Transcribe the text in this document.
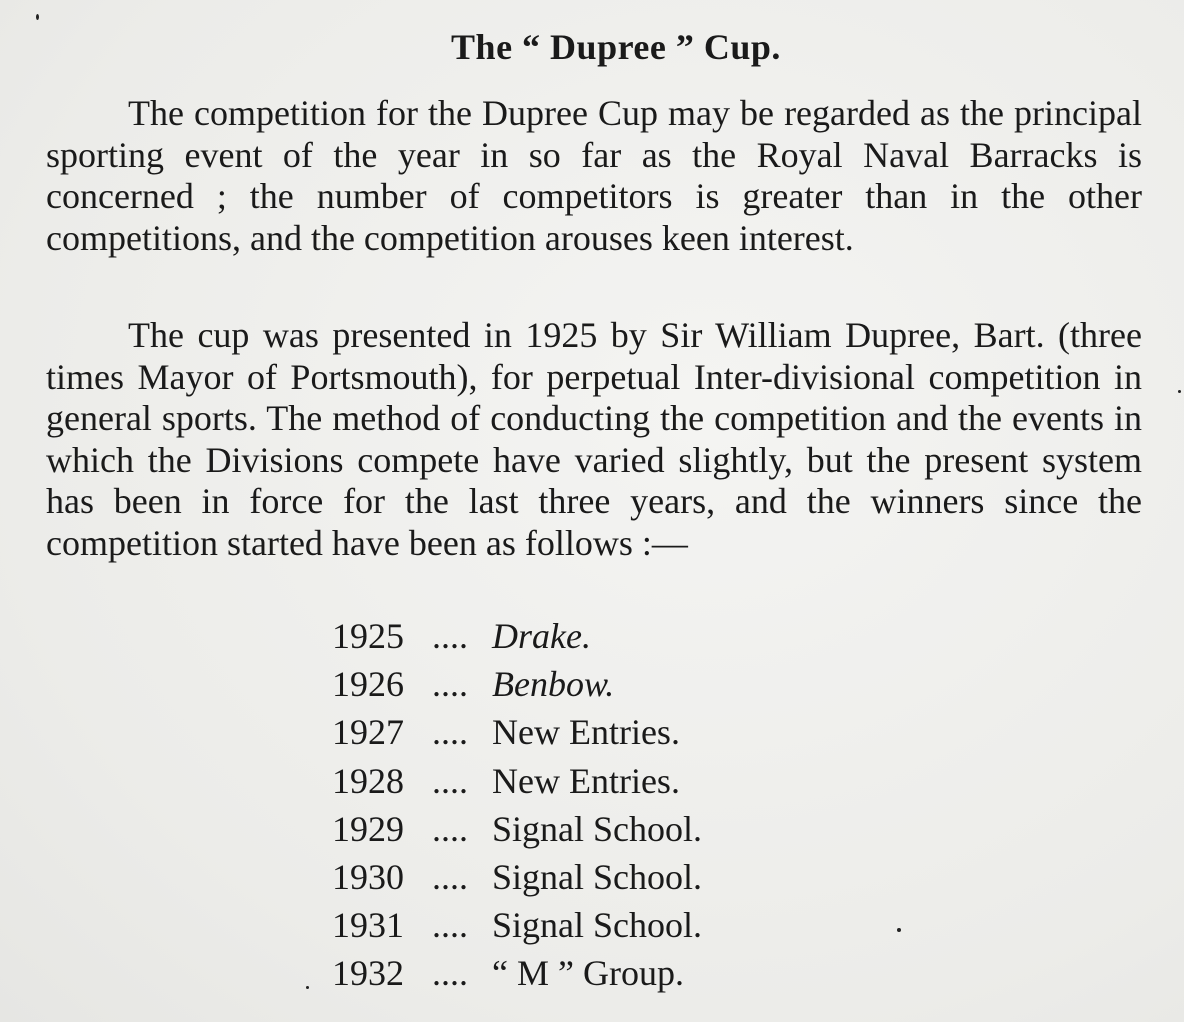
The “ Dupree ” Cup.

The competition for the Dupree Cup may be regarded as the principal sporting event of the year in so far as the Royal Naval Barracks is concerned ; the number of competitors is greater than in the other competitions, and the competition arouses keen interest.

The cup was presented in 1925 by Sir William Dupree, Bart. (three times Mayor of Portsmouth), for perpetual Inter-divisional competition in general sports. The method of conducting the competition and the events in which the Divisions compete have varied slightly, but the present system has been in force for the last three years, and the winners since the competition started have been as follows :—

1925 .... Drake.
1926 .... Benbow.
1927 .... New Entries.
1928 .... New Entries.
1929 .... Signal School.
1930 .... Signal School.
1931 .... Signal School.
1932 .... “ M ” Group.
